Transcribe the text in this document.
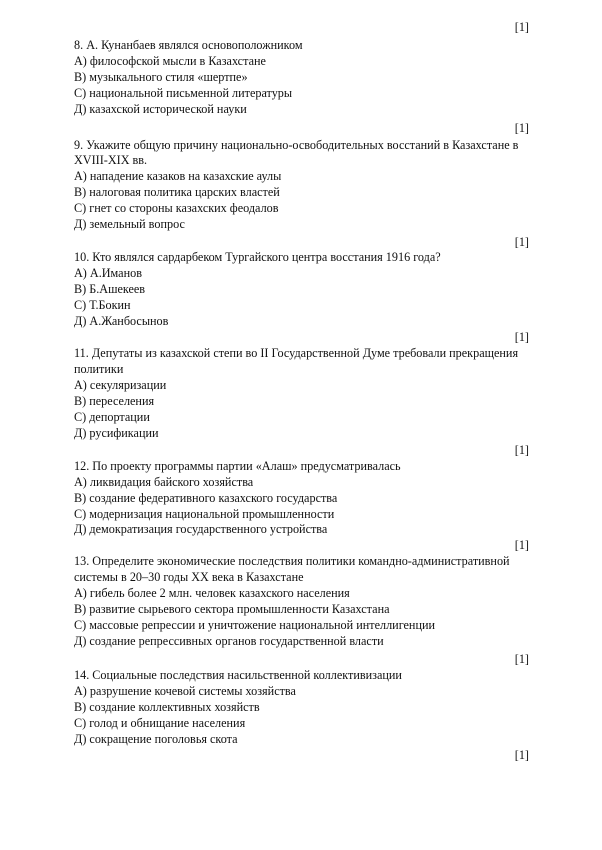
[1]
8. А. Кунанбаев являлся основоположником
А) философской мысли в Казахстане
В) музыкального стиля «шертпе»
С) национальной письменной литературы
Д) казахской исторической науки
[1]
9. Укажите общую причину национально-освободительных восстаний в Казахстане в
XVIII-XIX вв.
А) нападение казаков на казахские аулы
В) налоговая политика царских властей
С) гнет со стороны казахских феодалов
Д) земельный вопрос
[1]
10. Кто являлся сардарбеком Тургайского центра восстания 1916 года?
А) А.Иманов
В) Б.Ашекеев
С) Т.Бокин
Д) А.Жанбосынов
[1]
11. Депутаты из казахской степи во II Государственной Думе требовали прекращения
политики
А) секуляризации
В) переселения
С) депортации
Д) русификации
[1]
12. По проекту программы партии «Алаш» предусматривалась
А) ликвидация байского хозяйства
В) создание федеративного казахского государства
С) модернизация национальной промышленности
Д) демократизация государственного устройства
[1]
13. Определите экономические последствия политики командно-административной
системы в 20–30 годы ХХ века в Казахстане
А) гибель более 2 млн. человек казахского населения
В) развитие сырьевого сектора промышленности Казахстана
С) массовые репрессии и уничтожение национальной интеллигенции
Д) создание репрессивных органов государственной власти
[1]
14. Социальные последствия насильственной коллективизации
А) разрушение кочевой системы хозяйства
В) создание коллективных хозяйств
С) голод и обнищание населения
Д) сокращение поголовья скота
[1]
